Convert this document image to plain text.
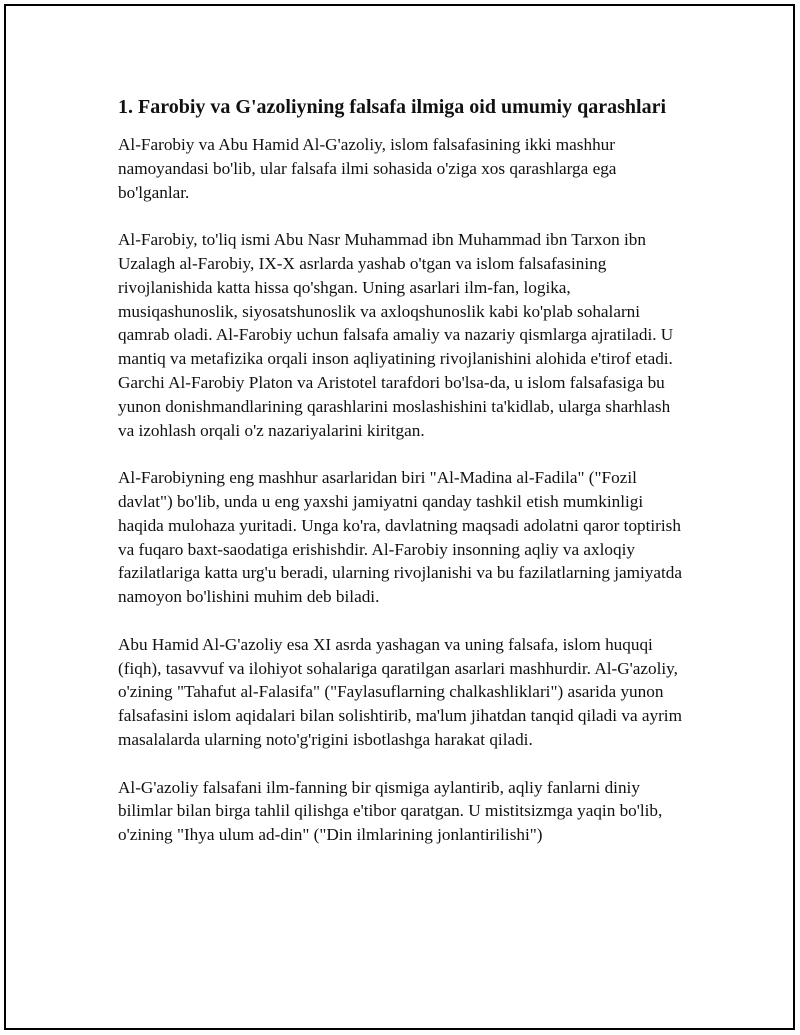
1. Farobiy va G'azoliyning falsafa ilmiga oid umumiy qarashlari

Al-Farobiy va Abu Hamid Al-G'azoliy, islom falsafasining ikki mashhur namoyandasi bo'lib, ular falsafa ilmi sohasida o'ziga xos qarashlarga ega bo'lganlar.

Al-Farobiy, to'liq ismi Abu Nasr Muhammad ibn Muhammad ibn Tarxon ibn Uzalagh al-Farobiy, IX-X asrlarda yashab o'tgan va islom falsafasining rivojlanishida katta hissa qo'shgan. Uning asarlari ilm-fan, logika, musiqashunoslik, siyosatshunoslik va axloqshunoslik kabi ko'plab sohalarni qamrab oladi. Al-Farobiy uchun falsafa amaliy va nazariy qismlarga ajratiladi. U mantiq va metafizika orqali inson aqliyatining rivojlanishini alohida e'tirof etadi. Garchi Al-Farobiy Platon va Aristotel tarafdori bo'lsa-da, u islom falsafasiga bu yunon donishmandlarining qarashlarini moslashishini ta'kidlab, ularga sharhlash va izohlash orqali o'z nazariyalarini kiritgan.

Al-Farobiyning eng mashhur asarlaridan biri "Al-Madina al-Fadila" ("Fozil davlat") bo'lib, unda u eng yaxshi jamiyatni qanday tashkil etish mumkinligi haqida mulohaza yuritadi. Unga ko'ra, davlatning maqsadi adolatni qaror toptirish va fuqaro baxt-saodatiga erishishdir. Al-Farobiy insonning aqliy va axloqiy fazilatlariga katta urg'u beradi, ularning rivojlanishi va bu fazilatlarning jamiyatda namoyon bo'lishini muhim deb biladi.

Abu Hamid Al-G'azoliy esa XI asrda yashagan va uning falsafa, islom huquqi (fiqh), tasavvuf va ilohiyot sohalariga qaratilgan asarlari mashhurdir. Al-G'azoliy, o'zining "Tahafut al-Falasifa" ("Faylasuflarning chalkashliklari") asarida yunon falsafasini islom aqidalari bilan solishtirib, ma'lum jihatdan tanqid qiladi va ayrim masalalarda ularning noto'g'rigini isbotlashga harakat qiladi.

Al-G'azoliy falsafani ilm-fanning bir qismiga aylantirib, aqliy fanlarni diniy bilimlar bilan birga tahlil qilishga e'tibor qaratgan. U mistitsizmga yaqin bo'lib, o'zining "Ihya ulum ad-din" ("Din ilmlarining jonlantirilishi")
